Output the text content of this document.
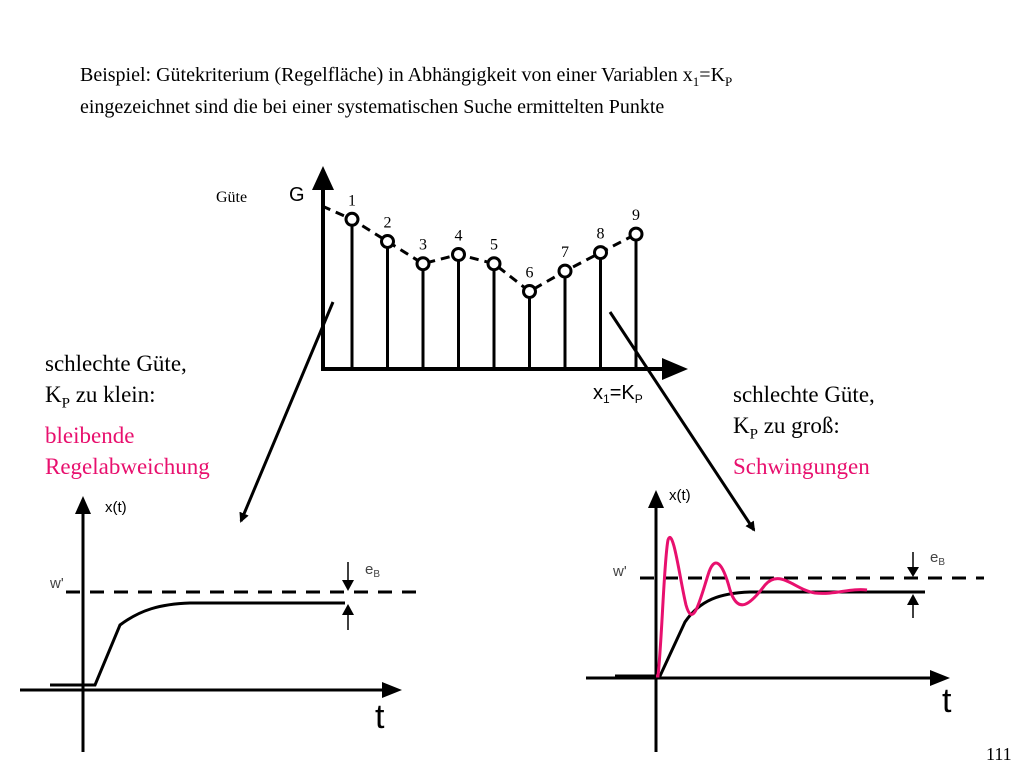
Beispiel: Gütekriterium (Regelfläche) in Abhängigkeit von einer Variablen $x_1=K_P$
eingezeichnet sind die bei einer systematischen Suche ermittelten Punkte
1
2
3
4
5
6
7
8
9
Güte G
$x_1=K_P$
x(t)
w'
$e_B$
t
x(t)
w'
$e_B$
t
schlechte Güte,
$K_P$ zu klein:
bleibende
Regelabweichung
schlechte Güte,
$K_P$ zu groß:
Schwingungen
111
